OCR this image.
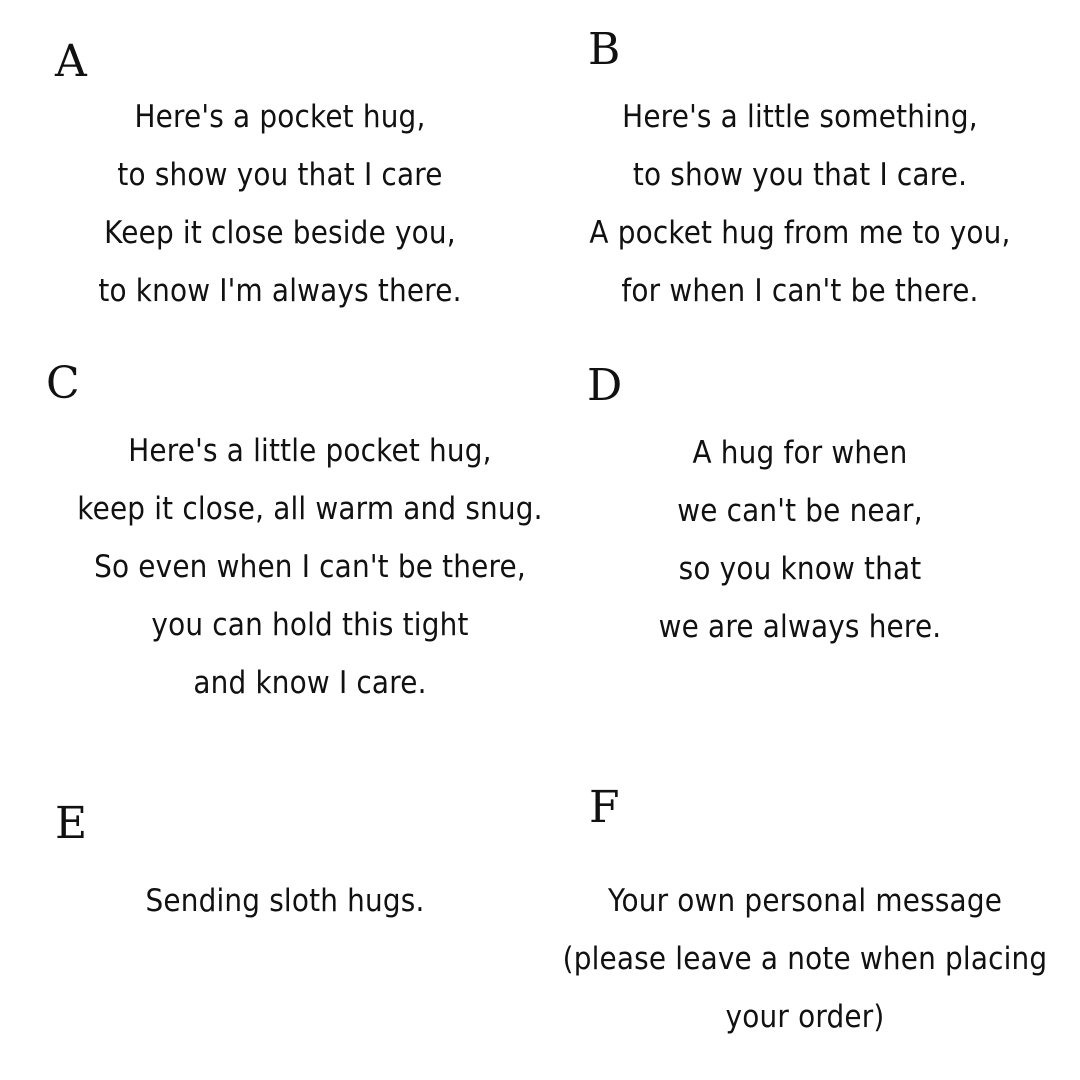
A
Here's a pocket hug,
to show you that I care
Keep it close beside you,
to know I'm always there.
B
Here's a little something,
to show you that I care.
A pocket hug from me to you,
for when I can't be there.
C
Here's a little pocket hug,
keep it close, all warm and snug.
So even when I can't be there,
you can hold this tight
and know I care.
D
A hug for when
we can't be near,
so you know that
we are always here.
E
Sending sloth hugs.
F
Your own personal message
(please leave a note when placing
your order)
